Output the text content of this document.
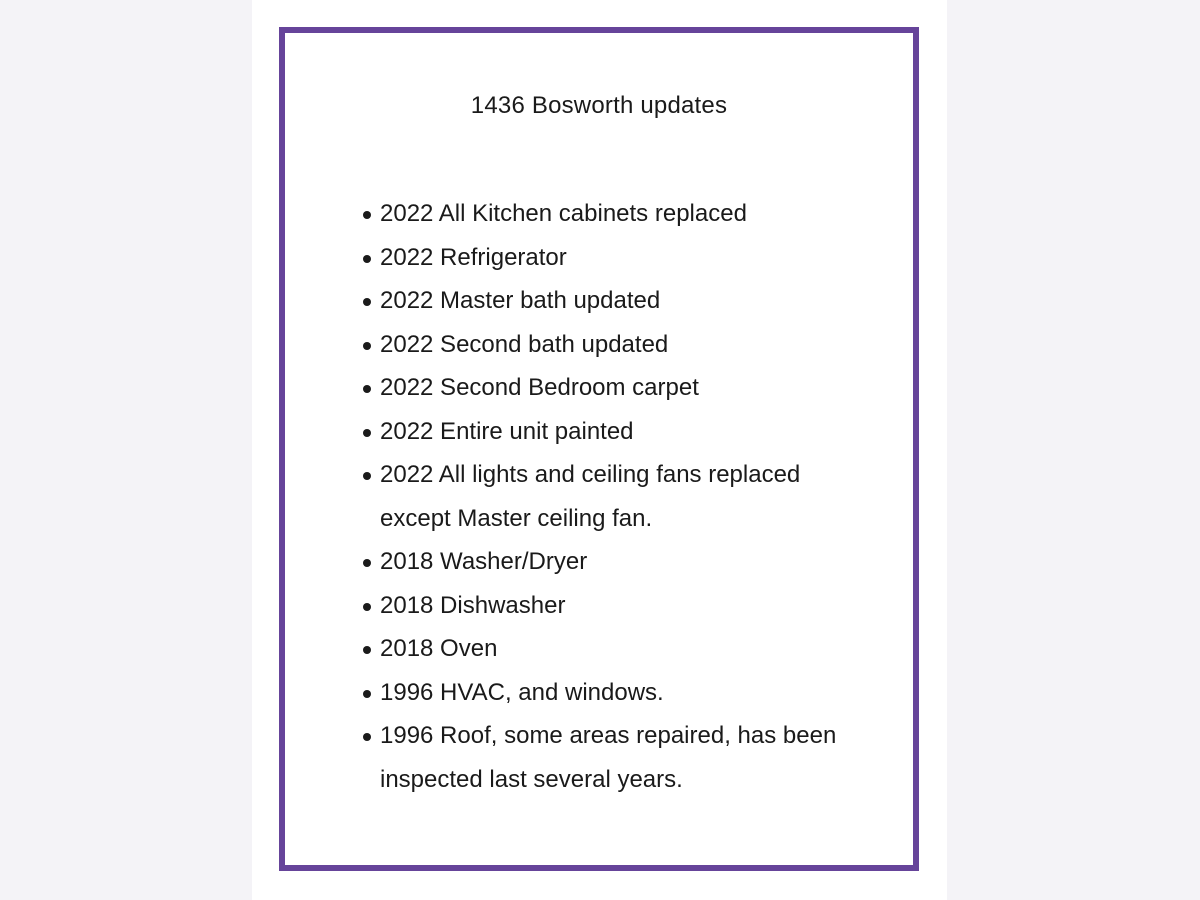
1436 Bosworth updates
2022 All Kitchen cabinets replaced
2022 Refrigerator
2022 Master bath updated
2022 Second bath updated
2022 Second Bedroom carpet
2022 Entire unit painted
2022 All lights and ceiling fans replaced except Master ceiling fan.
2018 Washer/Dryer
2018 Dishwasher
2018 Oven
1996 HVAC, and windows.
1996 Roof, some areas repaired, has been inspected last several years.
